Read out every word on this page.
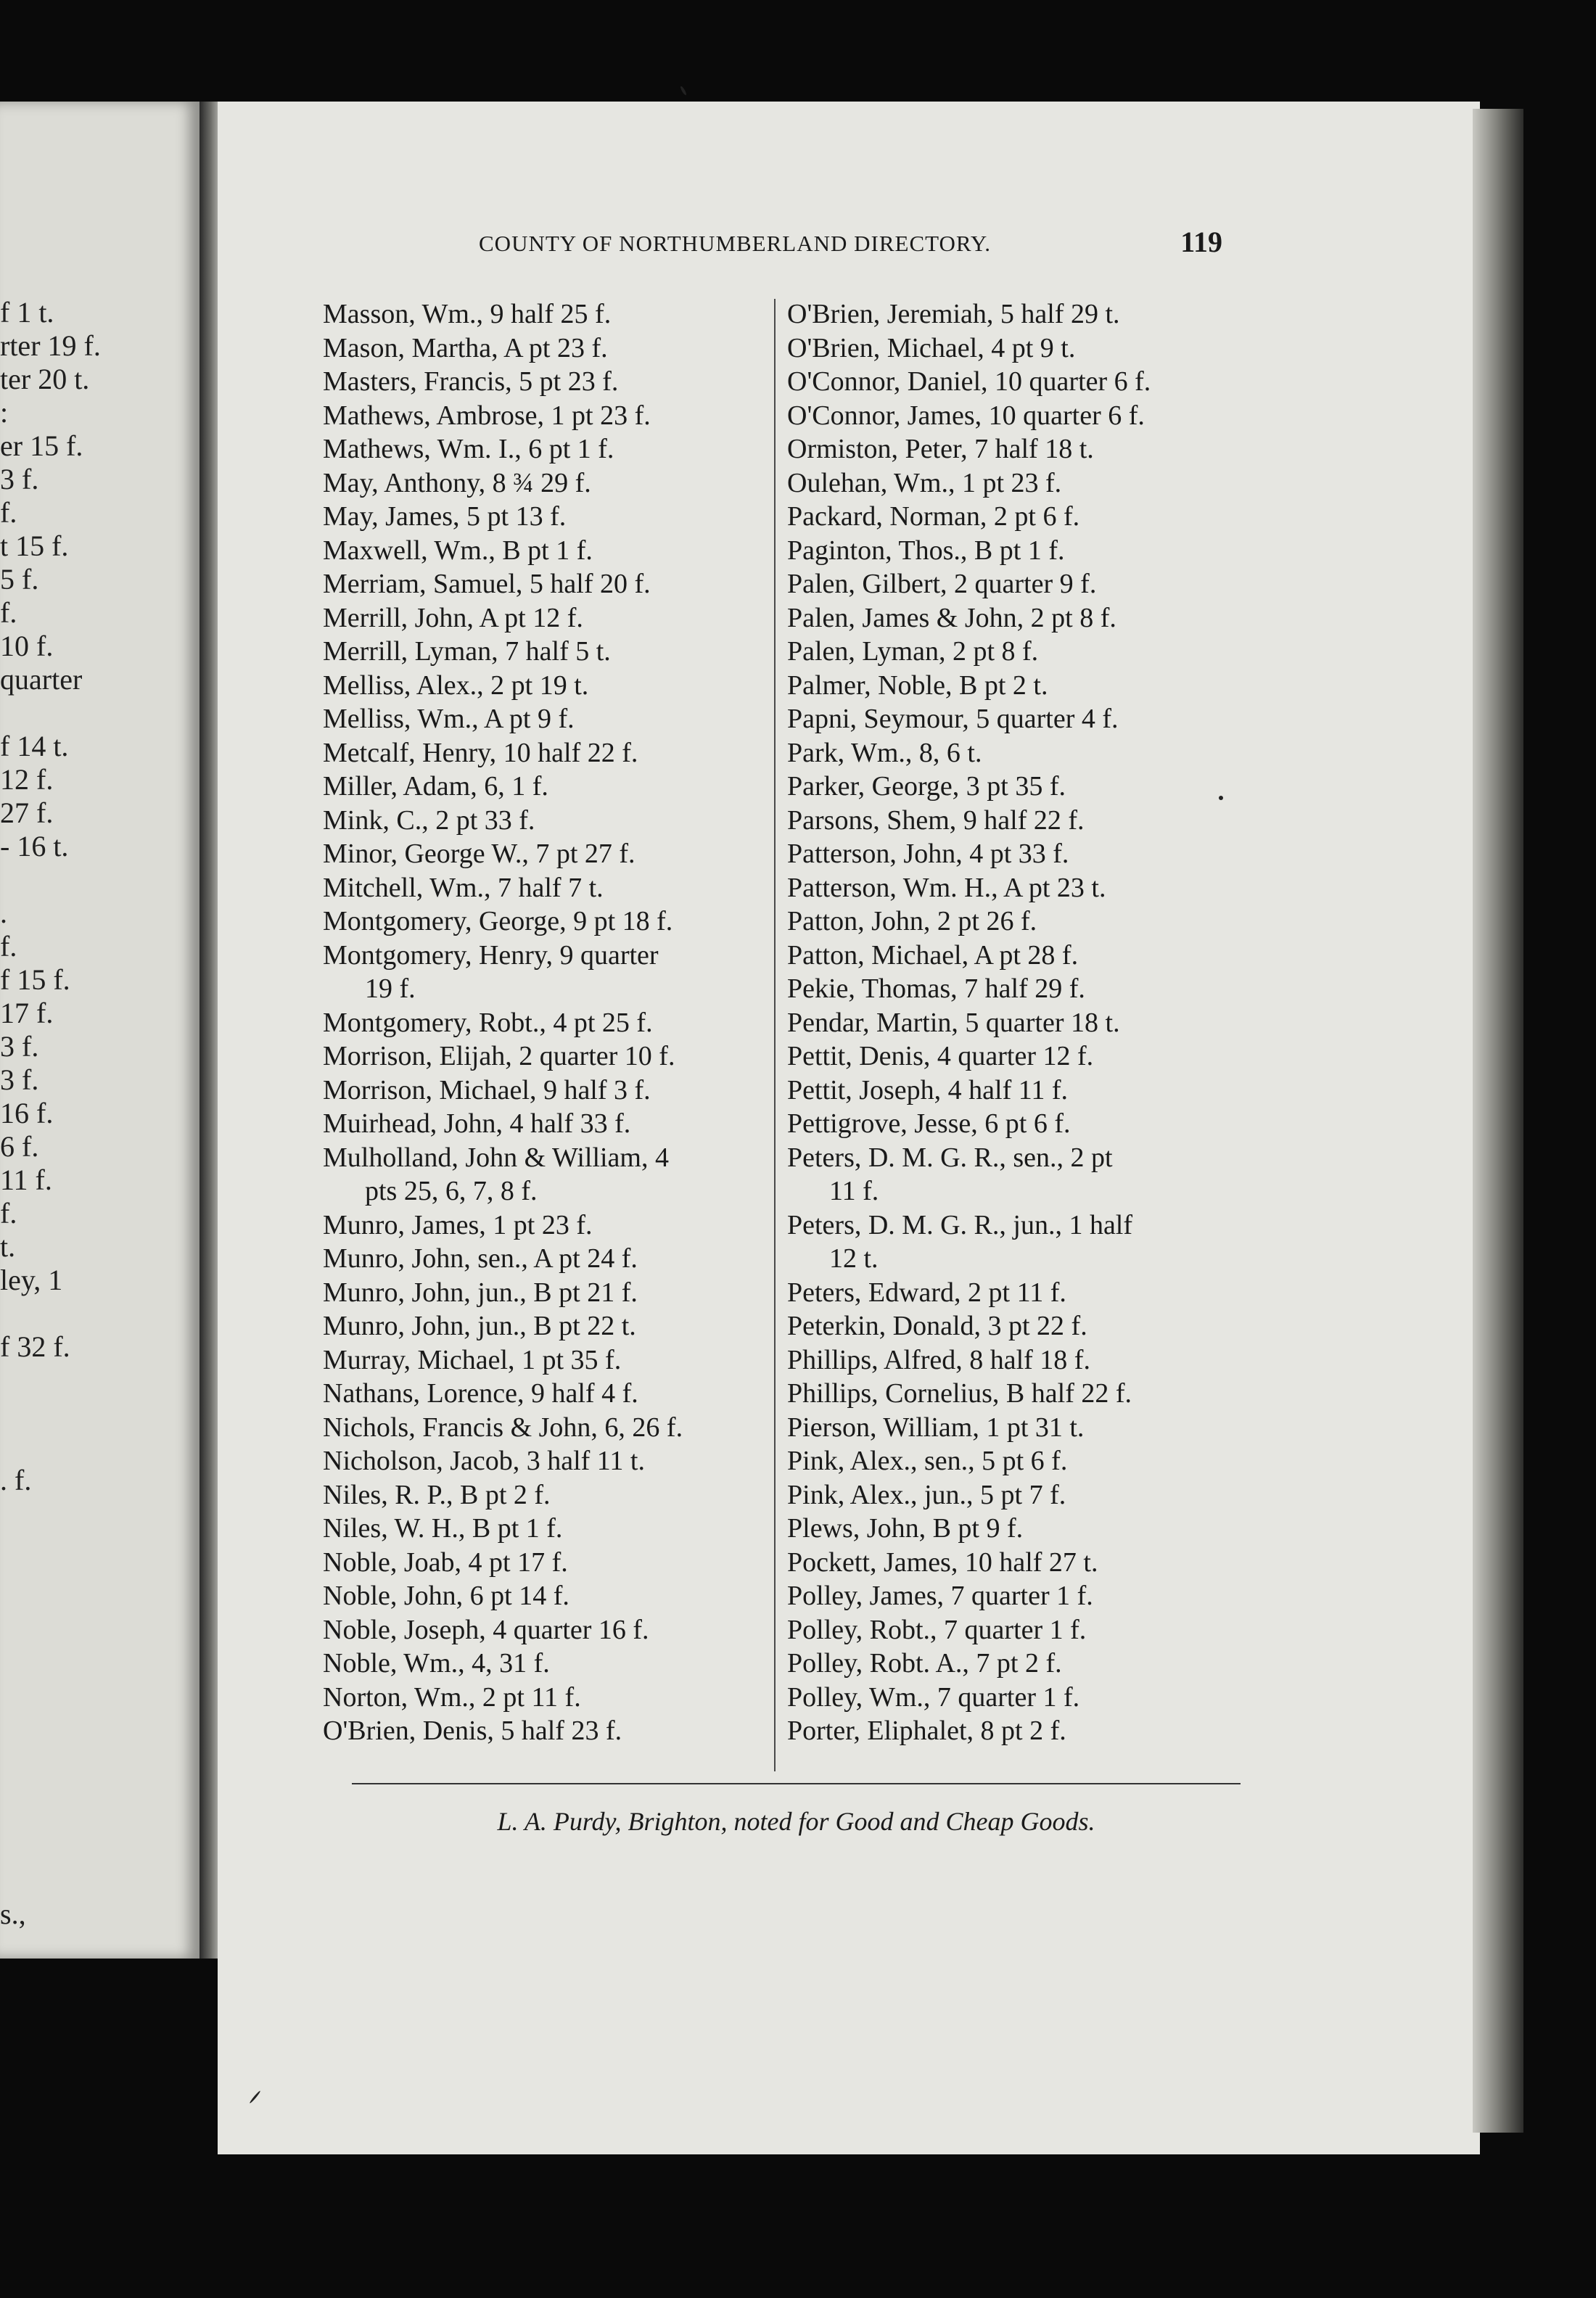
f 1 t.
rter 19 f.
ter 20 t.
:
er 15 f.
3 f.
f.
t 15 f.
5 f.
f.
10 f.
quarter
f 14 t.
12 f.
27 f.
- 16 t.
.
f.
f 15 f.
17 f.
3 f.
3 f.
16 f.
6 f.
11 f.
f.
t.
ley, 1
f 32 f.
. f.
s.,
COUNTY OF NORTHUMBERLAND DIRECTORY.	119

Masson, Wm., 9 half 25 f.

Mason, Martha, A pt 23 f.

Masters, Francis, 5 pt 23 f.

Mathews, Ambrose, 1 pt 23 f.

Mathews, Wm. I., 6 pt 1 f.

May, Anthony, 8 ¾ 29 f.

May, James, 5 pt 13 f.

Maxwell, Wm., B pt 1 f.

Merriam, Samuel, 5 half 20 f.

Merrill, John, A pt 12 f.

Merrill, Lyman, 7 half 5 t.

Melliss, Alex., 2 pt 19 t.

Melliss, Wm., A pt 9 f.

Metcalf, Henry, 10 half 22 f.

Miller, Adam, 6, 1 f.

Mink, C., 2 pt 33 f.

Minor, George W., 7 pt 27 f.

Mitchell, Wm., 7 half 7 t.

Montgomery, George, 9 pt 18 f.

Montgomery, Henry, 9 quarter
19 f.

Montgomery, Robt., 4 pt 25 f.

Morrison, Elijah, 2 quarter 10 f.

Morrison, Michael, 9 half 3 f.

Muirhead, John, 4 half 33 f.

Mulholland, John & William, 4
pts 25, 6, 7, 8 f.

Munro, James, 1 pt 23 f.

Munro, John, sen., A pt 24 f.

Munro, John, jun., B pt 21 f.

Munro, John, jun., B pt 22 t.

Murray, Michael, 1 pt 35 f.

Nathans, Lorence, 9 half 4 f.

Nichols, Francis & John, 6, 26 f.

Nicholson, Jacob, 3 half 11 t.

Niles, R. P., B pt 2 f.

Niles, W. H., B pt 1 f.

Noble, Joab, 4 pt 17 f.

Noble, John, 6 pt 14 f.

Noble, Joseph, 4 quarter 16 f.

Noble, Wm., 4, 31 f.

Norton, Wm., 2 pt 11 f.

O'Brien, Denis, 5 half 23 f.

O'Brien, Jeremiah, 5 half 29 t.

O'Brien, Michael, 4 pt 9 t.

O'Connor, Daniel, 10 quarter 6 f.

O'Connor, James, 10 quarter 6 f.

Ormiston, Peter, 7 half 18 t.

Oulehan, Wm., 1 pt 23 f.

Packard, Norman, 2 pt 6 f.

Paginton, Thos., B pt 1 f.

Palen, Gilbert, 2 quarter 9 f.

Palen, James & John, 2 pt 8 f.

Palen, Lyman, 2 pt 8 f.

Palmer, Noble, B pt 2 t.

Papni, Seymour, 5 quarter 4 f.

Park, Wm., 8, 6 t.

Parker, George, 3 pt 35 f.

Parsons, Shem, 9 half 22 f.

Patterson, John, 4 pt 33 f.

Patterson, Wm. H., A pt 23 t.

Patton, John, 2 pt 26 f.

Patton, Michael, A pt 28 f.

Pekie, Thomas, 7 half 29 f.

Pendar, Martin, 5 quarter 18 t.

Pettit, Denis, 4 quarter 12 f.

Pettit, Joseph, 4 half 11 f.

Pettigrove, Jesse, 6 pt 6 f.

Peters, D. M. G. R., sen., 2 pt
11 f.

Peters, D. M. G. R., jun., 1 half
12 t.

Peters, Edward, 2 pt 11 f.

Peterkin, Donald, 3 pt 22 f.

Phillips, Alfred, 8 half 18 f.

Phillips, Cornelius, B half 22 f.

Pierson, William, 1 pt 31 t.

Pink, Alex., sen., 5 pt 6 f.

Pink, Alex., jun., 5 pt 7 f.

Plews, John, B pt 9 f.

Pockett, James, 10 half 27 t.

Polley, James, 7 quarter 1 f.

Polley, Robt., 7 quarter 1 f.

Polley, Robt. A., 7 pt 2 f.

Polley, Wm., 7 quarter 1 f.

Porter, Eliphalet, 8 pt 2 f.

L. A. Purdy, Brighton, noted for Good and Cheap Goods.
